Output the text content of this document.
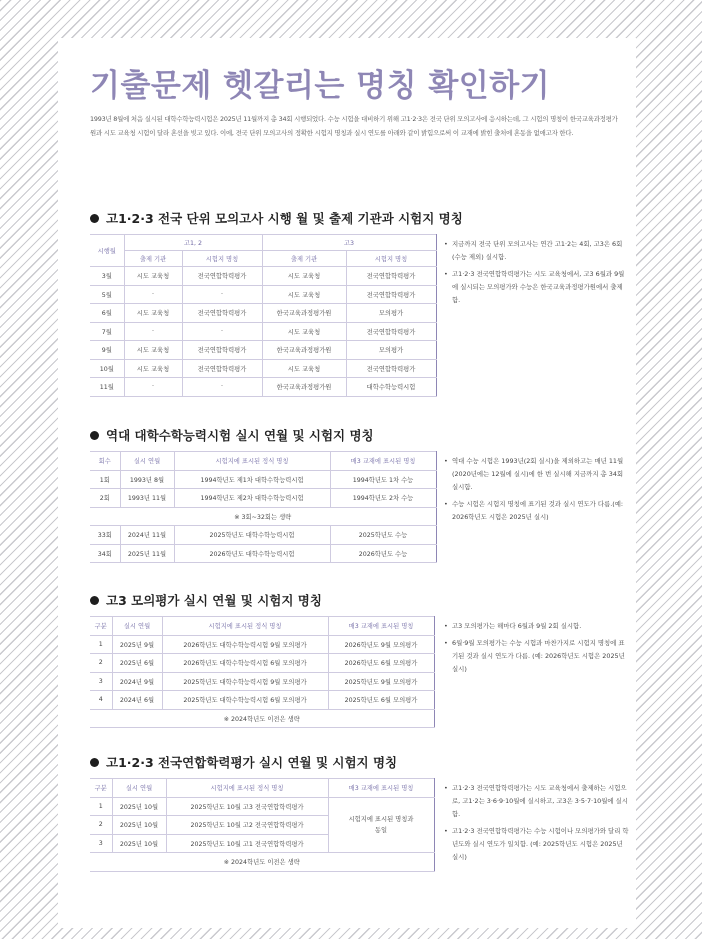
기출문제 헷갈리는 명칭 확인하기
1993년 8월에 처음 실시된 대학수학능력시험은 2025년 11월까지 총 34회 시행되었다. 수능 시험을 대비하기 위해 고1·2·3은 전국 단위 모의고사에 응시하는데, 그 시험의 명칭이 한국교육과정평가원과 시도 교육청 시험이 달라 혼선을 빚고 있다. 이에, 전국 단위 모의고사의 정확한 시험지 명칭과 실시 연도를 아래와 같이 밝힘으로써 이 교재에 밝힌 출처에 혼동을 없애고자 한다.
고1·2·3 전국 단위 모의고사 시행 월 및 출제 기관과 시험지 명칭
시행월	고1, 2		고3	
	출제 기관	시험지 명칭	출제 기관	시험지 명칭
3월	시도 교육청	전국연합학력평가	시도 교육청	전국연합학력평가
5월	·	·	시도 교육청	전국연합학력평가
6월	시도 교육청	전국연합학력평가	한국교육과정평가원	모의평가
7월	·	·	시도 교육청	전국연합학력평가
9월	시도 교육청	전국연합학력평가	한국교육과정평가원	모의평가
10월	시도 교육청	전국연합학력평가	시도 교육청	전국연합학력평가
11월	·	·	한국교육과정평가원	대학수학능력시험
• 지금까지 전국 단위 모의고사는 연간 고1·2는 4회, 고3은 6회(수능 제외) 실시함.
• 고1·2·3 전국연합학력평가는 시도 교육청에서, 고3 6월과 9월에 실시되는 모의평가와 수능은 한국교육과정평가원에서 출제함.
역대 대학수학능력시험 실시 연월 및 시험지 명칭
회수	실시 연월	시험지에 표시된 정식 명칭	매3 교재에 표시된 명칭
1회	1993년 8월	1994학년도 제1차 대학수학능력시험	1994학년도 1차 수능
2회	1993년 11월	1994학년도 제2차 대학수학능력시험	1994학년도 2차 수능
※ 3회~32회는 생략			
33회	2024년 11월	2025학년도 대학수학능력시험	2025학년도 수능
34회	2025년 11월	2026학년도 대학수학능력시험	2026학년도 수능
• 역대 수능 시험은 1993년(2회 실시)을 제외하고는 매년 11월(2020년에는 12월에 실시)에 한 번 실시해 지금까지 총 34회 실시함.
• 수능 시험은 시험지 명칭에 표기된 것과 실시 연도가 다름.(예: 2026학년도 시험은 2025년 실시)
고3 모의평가 실시 연월 및 시험지 명칭
구분	실시 연월	시험지에 표시된 정식 명칭	매3 교재에 표시된 명칭
1	2025년 9월	2026학년도 대학수학능력시험 9월 모의평가	2026학년도 9월 모의평가
2	2025년 6월	2026학년도 대학수학능력시험 6월 모의평가	2026학년도 6월 모의평가
3	2024년 9월	2025학년도 대학수학능력시험 9월 모의평가	2025학년도 9월 모의평가
4	2024년 6월	2025학년도 대학수학능력시험 6월 모의평가	2025학년도 6월 모의평가
※ 2024학년도 이전은 생략			
• 고3 모의평가는 해마다 6월과 9월 2회 실시함.
• 6월·9월 모의평가는 수능 시험과 마찬가지로 시험지 명칭에 표기된 것과 실시 연도가 다름. (예: 2026학년도 시험은 2025년 실시)
고1·2·3 전국연합학력평가 실시 연월 및 시험지 명칭
구분	실시 연월	시험지에 표시된 정식 명칭	매3 교재에 표시된 명칭
1	2025년 10월	2025학년도 10월 고3 전국연합학력평가	시험지에 표시된 명칭과 동일
2	2025년 10월	2025학년도 10월 고2 전국연합학력평가	
3	2025년 10월	2025학년도 10월 고1 전국연합학력평가	
※ 2024학년도 이전은 생략			
• 고1·2·3 전국연합학력평가는 시도 교육청에서 출제하는 시험으로, 고1·2는 3·6·9·10월에 실시하고, 고3은 3·5·7·10월에 실시함.
• 고1·2·3 전국연합학력평가는 수능 시험이나 모의평가와 달리 학년도와 실시 연도가 일치함. (예: 2025학년도 시험은 2025년 실시)
